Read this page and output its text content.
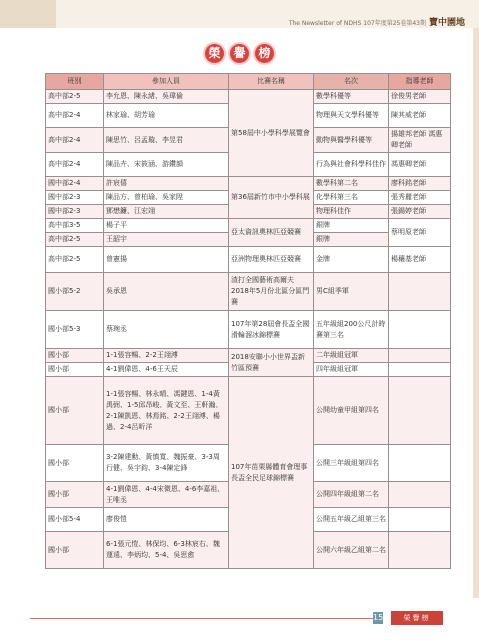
The Newsletter of NDHS 107年度第25卷第43期 寶中園地
榮 譽 榜
班別	參加人員	比賽名稱	名次	指導老師
高中部2-5	李允恩、陳永緒、吳瑋倫	第58屆中小學科學展覽會	數學科優等	徐俊男老師
高中部2-4	林家瑜、胡芳瑜		物理與天文學科優等	陳其威老師
高中部2-4	陳思竹、呂孟璇、李昱君		動物與醫學科優等	揚雄邦老師 馮惠卿老師
高中部2-4	陳品卉、宋筱涵、游鑽韻		行為與社會科學科佳作	馮惠卿老師
國中部2-4	許宸僖	第36屆新竹市中小學科展	數學科第二名	廖科銘老師
國中部2-3	陳品方、曾柏瑜、吳家陞		化學科第三名	張秀麗老師
國中部2-3	鄧懋鐮、江宏翊		物理科佳作	張錫婷老師
高中部3-5	楊子平	亞太資訊奧林匹亞競賽	銀牌	蔡明原老師
高中部2-5	王韶宇		銀牌	
高中部2-5	曾憲揚	亞洲物理奧林匹亞競賽	金牌	楊穰基老師
國小部5-2	吳承恩	渣打全國藝術高爾夫2018年5月份北區分區門賽	男C組季軍	
國小部5-3	蔡琬丞	107年第28屆會長盃全國滑輪溜冰錦標賽	五年級組200公尺計時賽第三名	
國小部	1-1張容暢、2-2王翊溥	2018安聯小小世界盃新竹區預賽	二年級組冠軍	
國小部	4-1劉偉恩、4-6王天辰		四年級組冠軍	
國小部	1-1張容暢、林永晴、馮鍵恩、1-4黃禹弼、1-5邱昂峻、黃文至、王軒瀚、2-1陳凱恩、林焉銘、2-2王翊溥、楊過、2-4呂昕洋	107年苗栗縣體育會理事長盃全民足球錦標賽	公開幼童甲組第四名	
國小部	3-2陳建勳、黃慎寬、魏振豪、3-3周行健、吳宇鈞、3-4陳定鋒		公開三年級組第四名	
國小部	4-1劉偉恩、4-4宋微恩、4-6李嘉祖、王唯丞		公開四年級組第二名	
國小部5-4	廖俊愷		公開五年級乙組第三名	
國小部	6-1張元愷、林保均、6-3林宸右、魏運遠、李炳均、5-4、吳思愈		公開六年級乙組第二名	
15	榮譽榜
